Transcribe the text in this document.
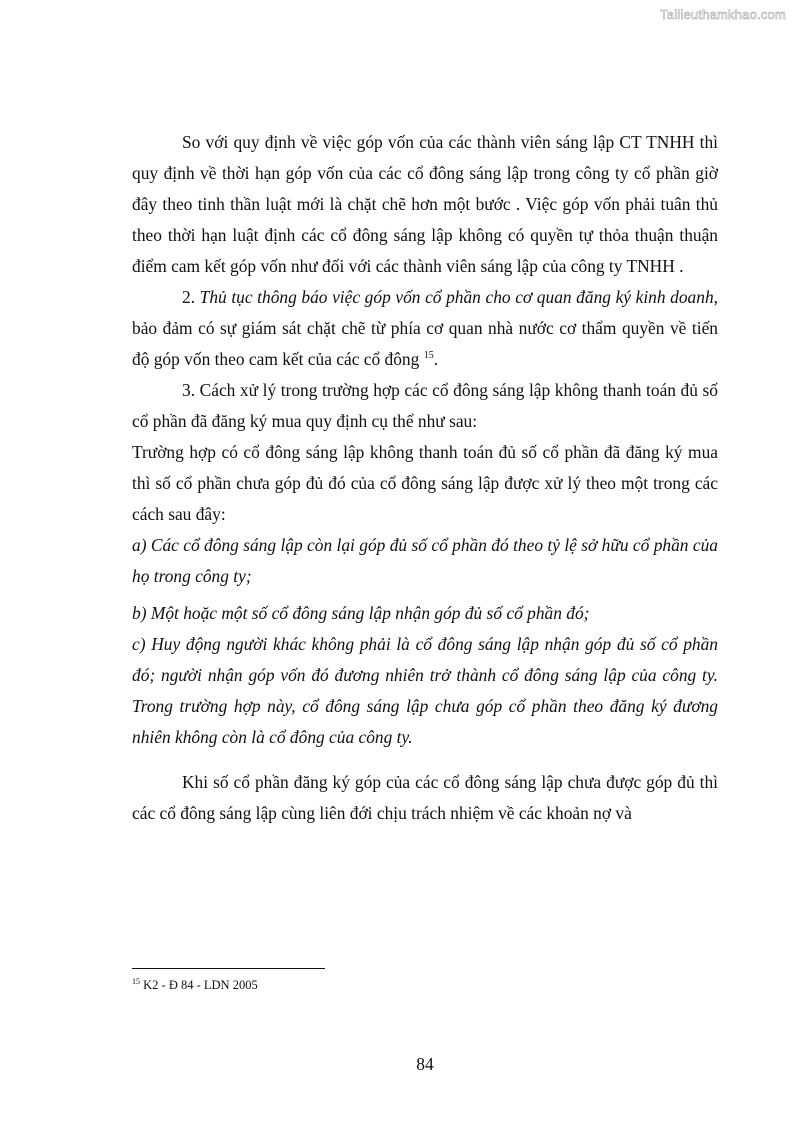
Tailieuthamkhao.com

So với quy định về việc góp vốn của các thành viên sáng lập CT TNHH thì quy định về thời hạn góp vốn của các cổ đông sáng lập trong công ty cổ phần giờ đây theo tinh thần luật mới là chặt chẽ hơn một bước . Việc góp vốn phải tuân thủ theo thời hạn luật định các cổ đông sáng lập không có quyền tự thỏa thuận thuận điểm cam kết góp vốn như đối với các thành viên sáng lập của công ty TNHH .

2. Thủ tục thông báo việc góp vốn cổ phần cho cơ quan đăng ký kinh doanh, bảo đảm có sự giám sát chặt chẽ từ phía cơ quan nhà nước cơ thẩm quyền về tiến độ góp vốn theo cam kết của các cổ đông $^{15}$.

3. Cách xử lý trong trường hợp các cổ đông sáng lập không thanh toán đủ số cổ phần đã đăng ký mua quy định cụ thể như sau:

Trường hợp có cổ đông sáng lập không thanh toán đủ số cổ phần đã đăng ký mua thì số cổ phần chưa góp đủ đó của cổ đông sáng lập được xử lý theo một trong các cách sau đây:

a) Các cổ đông sáng lập còn lại góp đủ số cổ phần đó theo tỷ lệ sở hữu cổ phần của họ trong công ty;

b) Một hoặc một số cổ đông sáng lập nhận góp đủ số cổ phần đó;

c) Huy động người khác không phải là cổ đông sáng lập nhận góp đủ số cổ phần đó; người nhận góp vốn đó đương nhiên trở thành cổ đông sáng lập của công ty. Trong trường hợp này, cổ đông sáng lập chưa góp cổ phần theo đăng ký đương nhiên không còn là cổ đông của công ty.

Khi số cổ phần đăng ký góp của các cổ đông sáng lập chưa được góp đủ thì các cổ đông sáng lập cùng liên đới chịu trách nhiệm về các khoản nợ và

$^{15}$ K2 - Đ 84 - LDN 2005
84
